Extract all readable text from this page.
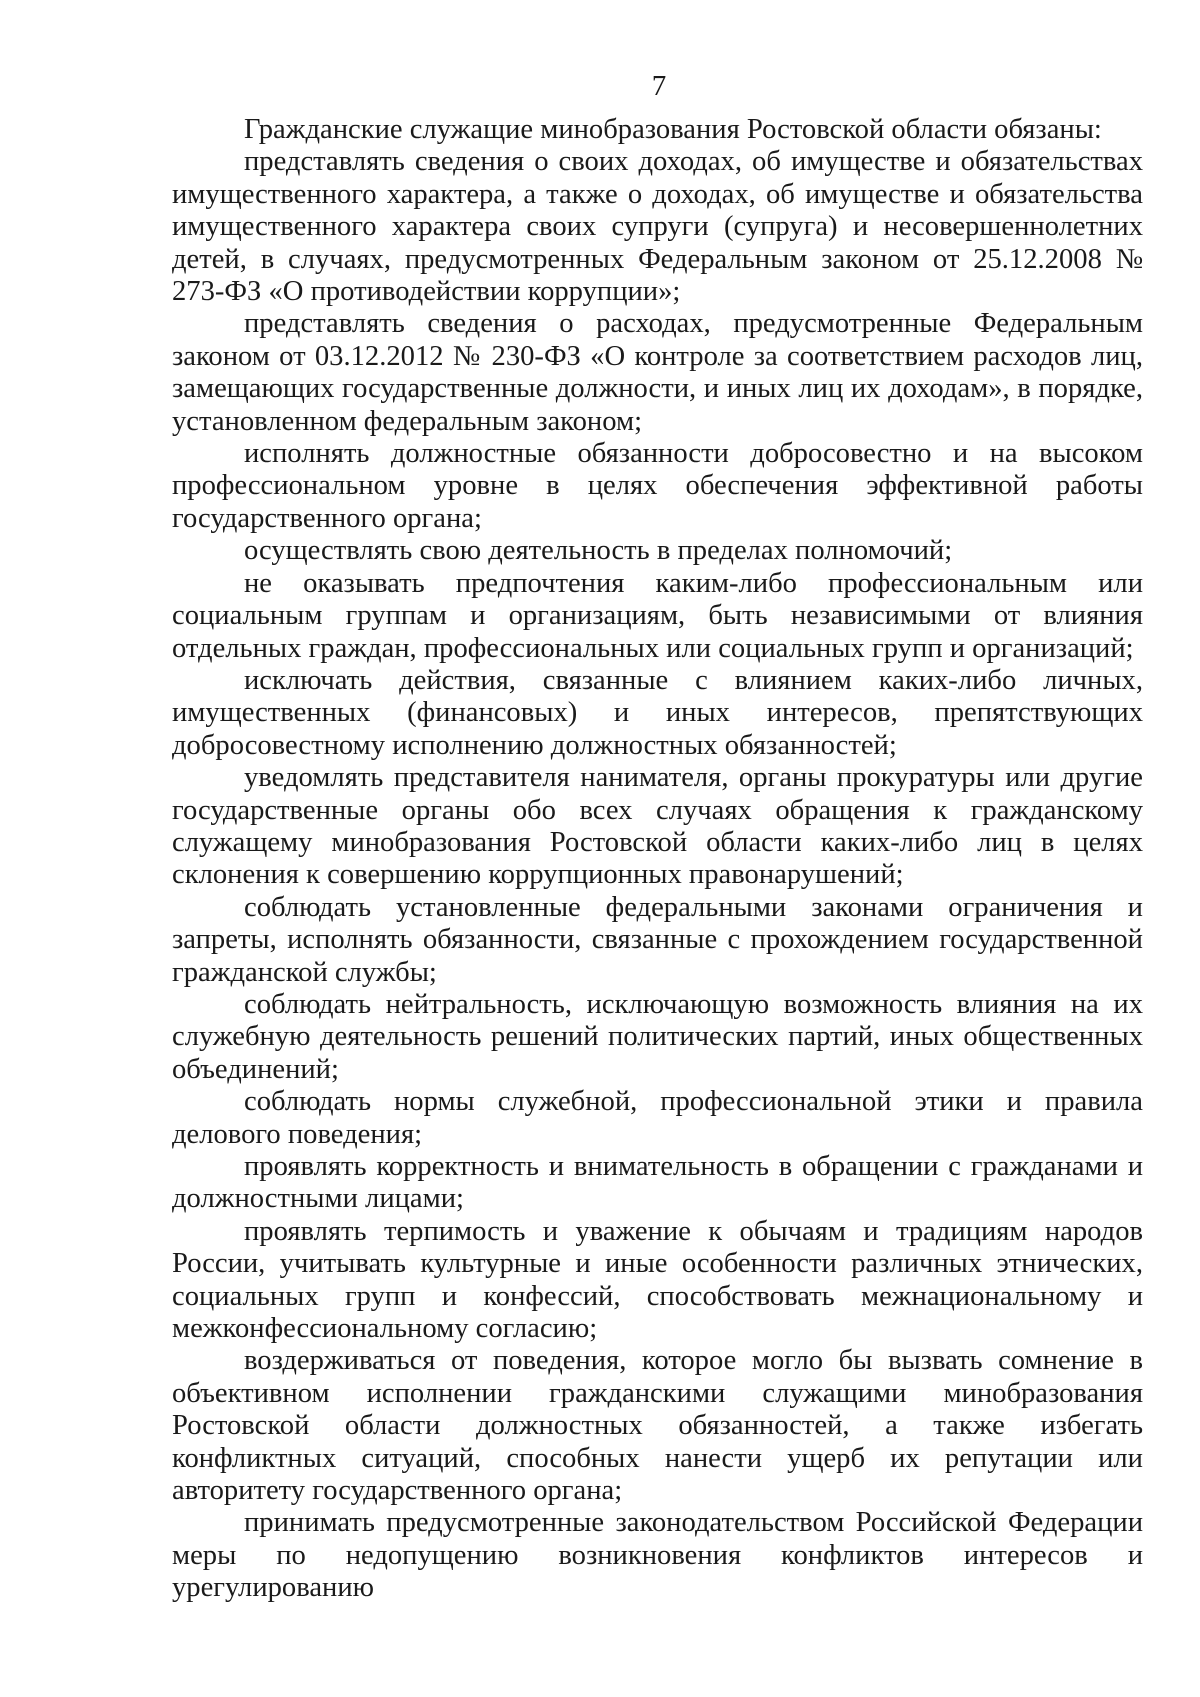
7

Гражданские служащие минобразования Ростовской области обязаны:

представлять сведения о своих доходах, об имуществе и обязательствах имущественного характера, а также о доходах, об имуществе и обязательства имущественного характера своих супруги (супруга) и несовершеннолетних детей, в случаях, предусмотренных Федеральным законом от 25.12.2008 № 273-ФЗ «О противодействии коррупции»;

представлять сведения о расходах, предусмотренные Федеральным законом от 03.12.2012 № 230-ФЗ «О контроле за соответствием расходов лиц, замещающих государственные должности, и иных лиц их доходам», в порядке, установленном федеральным законом;

исполнять должностные обязанности добросовестно и на высоком профессиональном уровне в целях обеспечения эффективной работы государственного органа;

осуществлять свою деятельность в пределах полномочий;

не оказывать предпочтения каким-либо профессиональным или социальным группам и организациям, быть независимыми от влияния отдельных граждан, профессиональных или социальных групп и организаций;

исключать действия, связанные с влиянием каких-либо личных, имущественных (финансовых) и иных интересов, препятствующих добросовестному исполнению должностных обязанностей;

уведомлять представителя нанимателя, органы прокуратуры или другие государственные органы обо всех случаях обращения к гражданскому служащему минобразования Ростовской области каких-либо лиц в целях склонения к совершению коррупционных правонарушений;

соблюдать установленные федеральными законами ограничения и запреты, исполнять обязанности, связанные с прохождением государственной гражданской службы;

соблюдать нейтральность, исключающую возможность влияния на их служебную деятельность решений политических партий, иных общественных объединений;

соблюдать нормы служебной, профессиональной этики и правила делового поведения;

проявлять корректность и внимательность в обращении с гражданами и должностными лицами;

проявлять терпимость и уважение к обычаям и традициям народов России, учитывать культурные и иные особенности различных этнических, социальных групп и конфессий, способствовать межнациональному и межконфессиональному согласию;

воздерживаться от поведения, которое могло бы вызвать сомнение в объективном исполнении гражданскими служащими минобразования Ростовской области должностных обязанностей, а также избегать конфликтных ситуаций, способных нанести ущерб их репутации или авторитету государственного органа;

принимать предусмотренные законодательством Российской Федерации меры по недопущению возникновения конфликтов интересов и урегулированию
